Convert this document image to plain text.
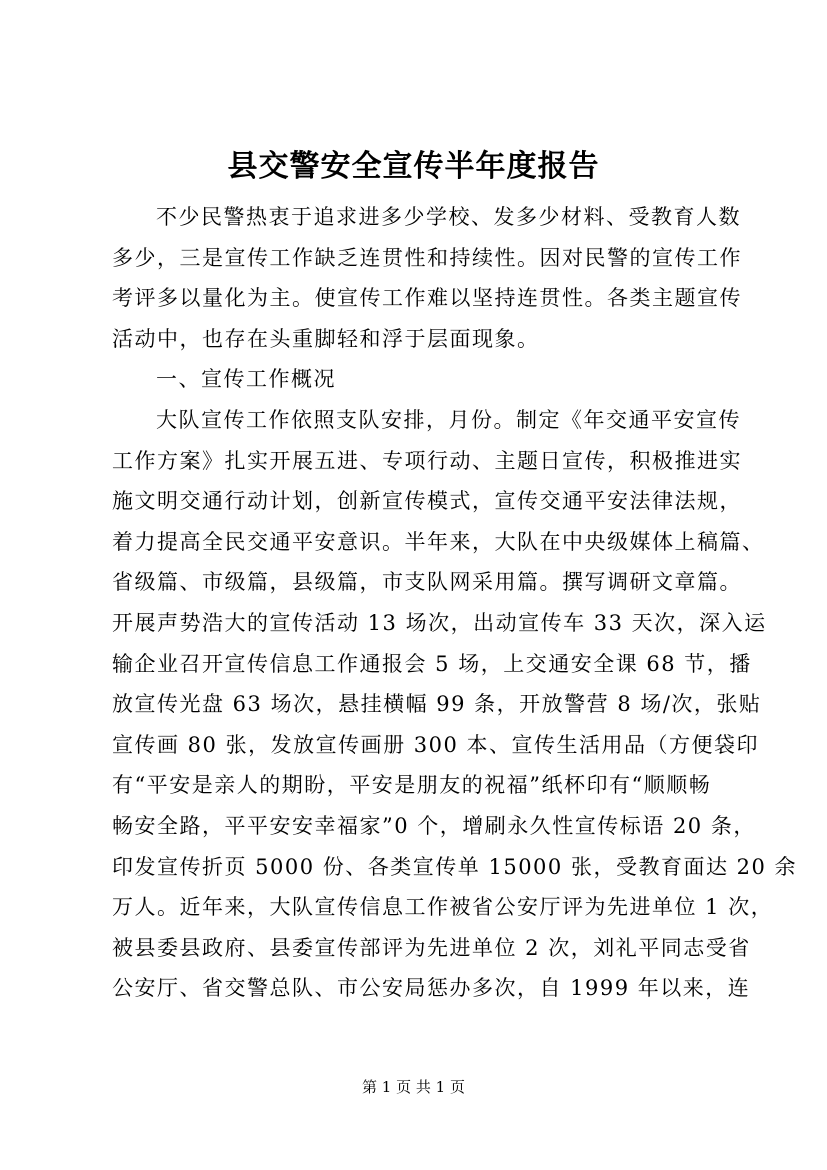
县交警安全宣传半年度报告
不少民警热衷于追求进多少学校、发多少材料、受教育人数
多少，三是宣传工作缺乏连贯性和持续性。因对民警的宣传工作
考评多以量化为主。使宣传工作难以坚持连贯性。各类主题宣传
活动中，也存在头重脚轻和浮于层面现象。
一、宣传工作概况
大队宣传工作依照支队安排，月份。制定《年交通平安宣传
工作方案》扎实开展五进、专项行动、主题日宣传，积极推进实
施文明交通行动计划，创新宣传模式，宣传交通平安法律法规，
着力提高全民交通平安意识。半年来，大队在中央级媒体上稿篇、
省级篇、市级篇，县级篇，市支队网采用篇。撰写调研文章篇。
开展声势浩大的宣传活动 13 场次，出动宣传车 33 天次，深入运
输企业召开宣传信息工作通报会 5 场，上交通安全课 68 节，播
放宣传光盘 63 场次，悬挂横幅 99 条，开放警营 8 场/次，张贴
宣传画 80 张，发放宣传画册 300 本、宣传生活用品（方便袋印
有“平安是亲人的期盼，平安是朋友的祝福”纸杯印有“顺顺畅
畅安全路，平平安安幸福家”0 个，增刷永久性宣传标语 20 条，
印发宣传折页 5000 份、各类宣传单 15000 张，受教育面达 20 余
万人。近年来，大队宣传信息工作被省公安厅评为先进单位 1 次，
被县委县政府、县委宣传部评为先进单位 2 次，刘礼平同志受省
公安厅、省交警总队、市公安局惩办多次，自 1999 年以来，连
第 1 页 共 1 页
